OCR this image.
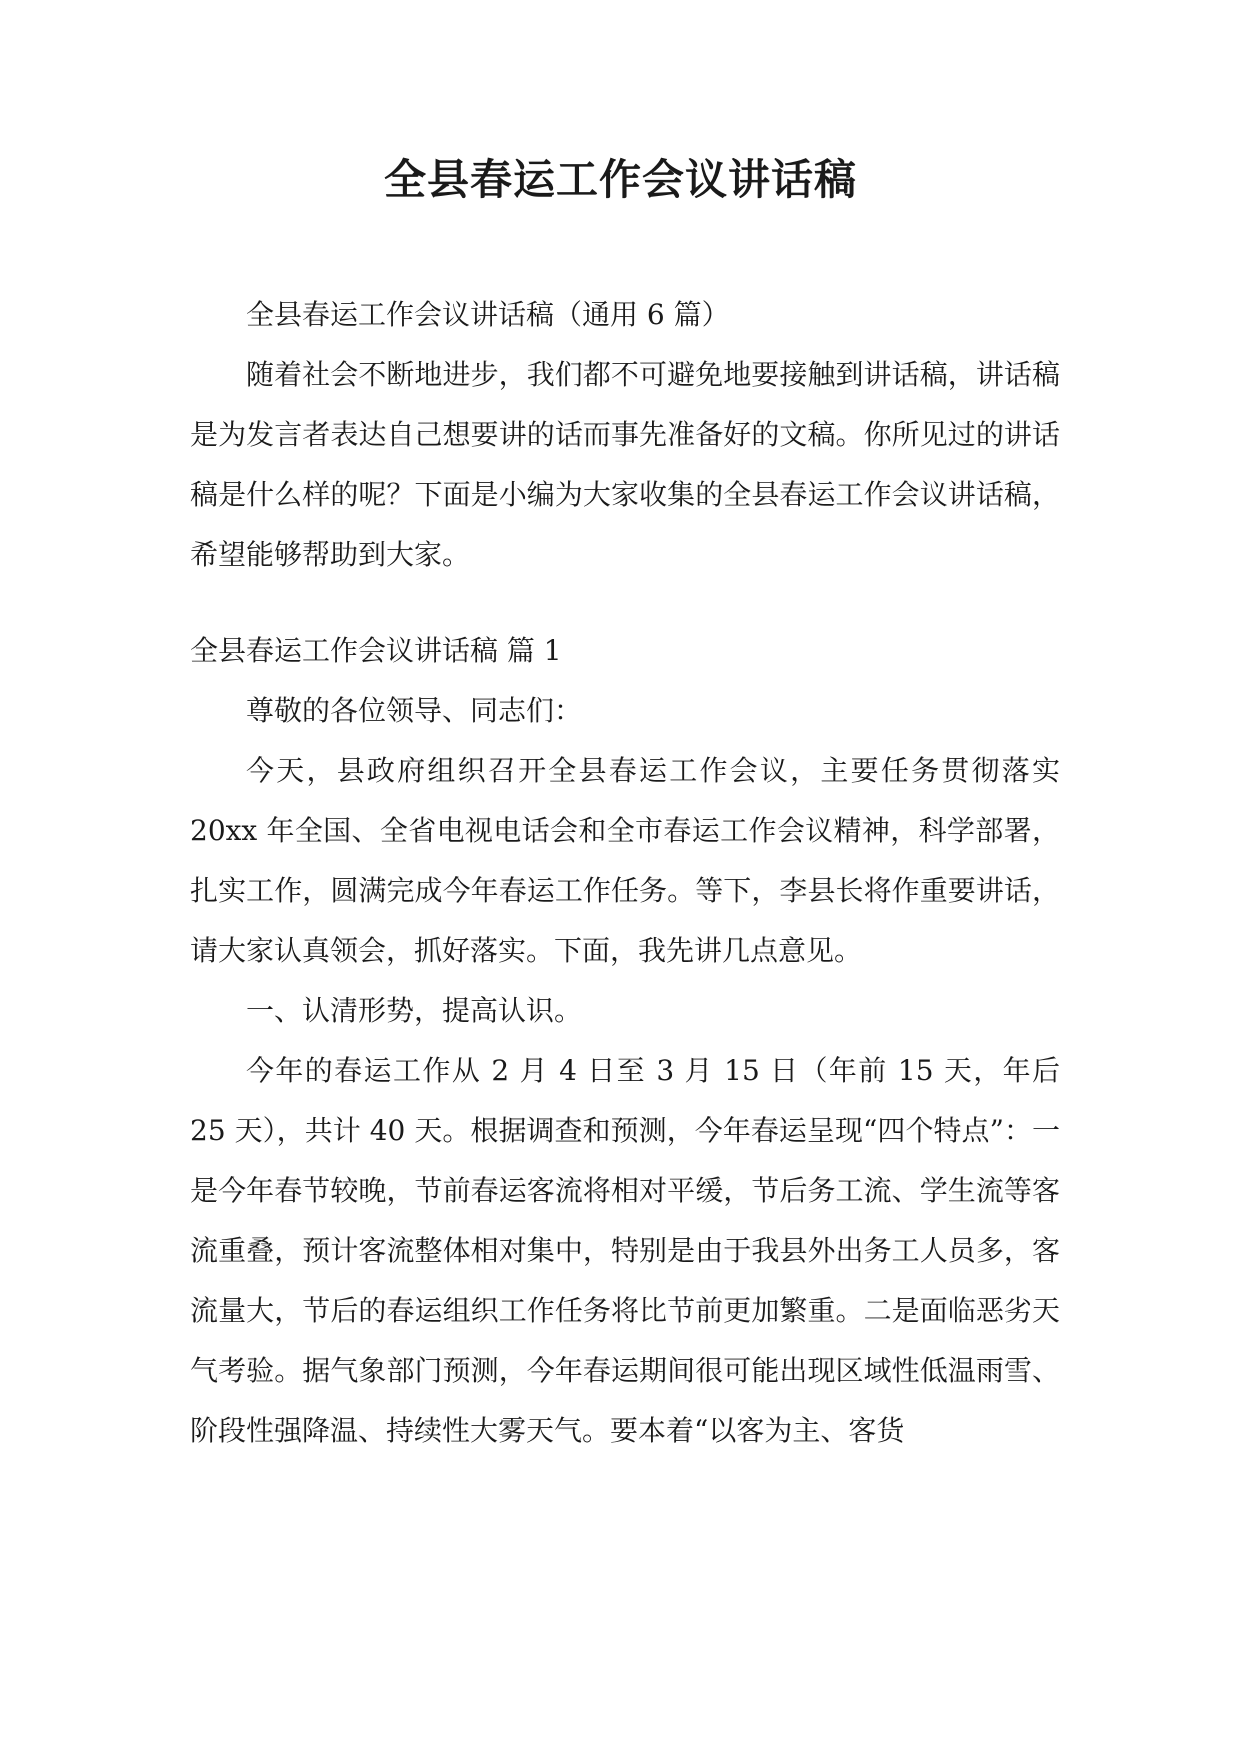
全县春运工作会议讲话稿

全县春运工作会议讲话稿（通用 6 篇）

随着社会不断地进步，我们都不可避免地要接触到讲话稿，讲话稿是为发言者表达自己想要讲的话而事先准备好的文稿。你所见过的讲话稿是什么样的呢？下面是小编为大家收集的全县春运工作会议讲话稿，希望能够帮助到大家。

全县春运工作会议讲话稿 篇 1

尊敬的各位领导、同志们：

今天，县政府组织召开全县春运工作会议，主要任务贯彻落实 20xx 年全国、全省电视电话会和全市春运工作会议精神，科学部署，扎实工作，圆满完成今年春运工作任务。等下，李县长将作重要讲话，请大家认真领会，抓好落实。下面，我先讲几点意见。

一、认清形势，提高认识。

今年的春运工作从 2 月 4 日至 3 月 15 日（年前 15 天，年后 25 天），共计 40 天。根据调查和预测，今年春运呈现“四个特点”：一是今年春节较晚，节前春运客流将相对平缓，节后务工流、学生流等客流重叠，预计客流整体相对集中，特别是由于我县外出务工人员多，客流量大，节后的春运组织工作任务将比节前更加繁重。二是面临恶劣天气考验。据气象部门预测，今年春运期间很可能出现区域性低温雨雪、阶段性强降温、持续性大雾天气。要本着“以客为主、客货
